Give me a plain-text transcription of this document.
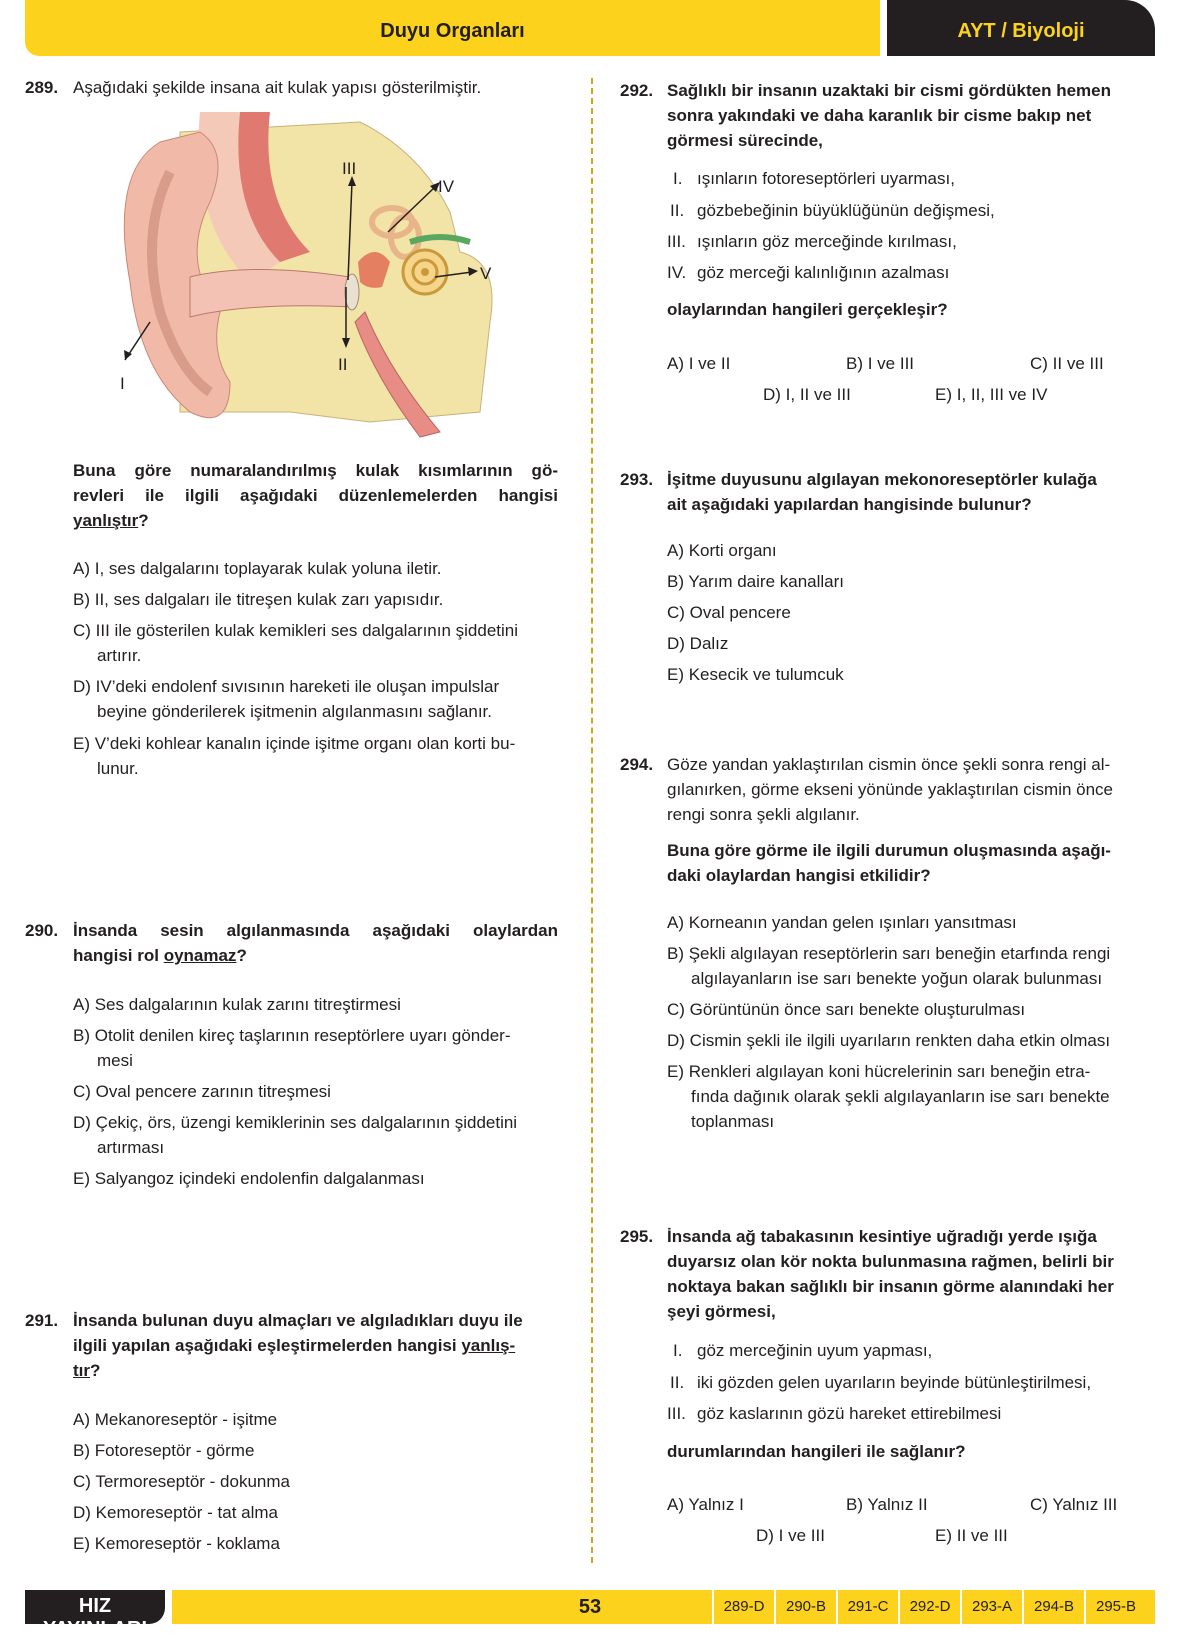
Duyu Organları	AYT / Biyoloji
289. Aşağıdaki şekilde insana ait kulak yapısı gösterilmiştir.
I
II
III
IV
V
Buna göre numaralandırılmış kulak kısımlarının gö-
revleri ile ilgili aşağıdaki düzenlemelerden hangisi
yanlıştır?
A) I, ses dalgalarını toplayarak kulak yoluna iletir.
B) II, ses dalgaları ile titreşen kulak zarı yapısıdır.
C) III ile gösterilen kulak kemikleri ses dalgalarının şiddetini
artırır.
D) IV’deki endolenf sıvısının hareketi ile oluşan impulslar
beyine gönderilerek işitmenin algılanmasını sağlanır.
E) V’deki kohlear kanalın içinde işitme organı olan korti bu-
lunur.
290. İnsanda sesin algılanmasında aşağıdaki olaylardan
hangisi rol oynamaz?
A) Ses dalgalarının kulak zarını titreştirmesi
B) Otolit denilen kireç taşlarının reseptörlere uyarı gönder-
mesi
C) Oval pencere zarının titreşmesi
D) Çekiç, örs, üzengi kemiklerinin ses dalgalarının şiddetini
artırması
E) Salyangoz içindeki endolenfin dalgalanması
291. İnsanda bulunan duyu almaçları ve algıladıkları duyu ile
ilgili yapılan aşağıdaki eşleştirmelerden hangisi yanlış-
tır?
A) Mekanoreseptör - işitme
B) Fotoreseptör - görme
C) Termoreseptör - dokunma
D) Kemoreseptör - tat alma
E) Kemoreseptör - koklama
292. Sağlıklı bir insanın uzaktaki bir cismi gördükten hemen
sonra yakındaki ve daha karanlık bir cisme bakıp net
görmesi sürecinde,
I. ışınların fotoreseptörleri uyarması,
II. gözbebeğinin büyüklüğünün değişmesi,
III. ışınların göz merceğinde kırılması,
IV. göz merceği kalınlığının azalması
olaylarından hangileri gerçekleşir?
A) I ve II	B) I ve III	C) II ve III
D) I, II ve III	E) I, II, III ve IV
293. İşitme duyusunu algılayan mekonoreseptörler kulağa
ait aşağıdaki yapılardan hangisinde bulunur?
A) Korti organı
B) Yarım daire kanalları
C) Oval pencere
D) Dalız
E) Kesecik ve tulumcuk
294. Göze yandan yaklaştırılan cismin önce şekli sonra rengi al-
gılanırken, görme ekseni yönünde yaklaştırılan cismin önce
rengi sonra şekli algılanır.
Buna göre görme ile ilgili durumun oluşmasında aşağı-
daki olaylardan hangisi etkilidir?
A) Korneanın yandan gelen ışınları yansıtması
B) Şekli algılayan reseptörlerin sarı beneğin etarfında rengi
algılayanların ise sarı benekte yoğun olarak bulunması
C) Görüntünün önce sarı benekte oluşturulması
D) Cismin şekli ile ilgili uyarıların renkten daha etkin olması
E) Renkleri algılayan koni hücrelerinin sarı beneğin etra-
fında dağınık olarak şekli algılayanların ise sarı benekte
toplanması
295. İnsanda ağ tabakasının kesintiye uğradığı yerde ışığa
duyarsız olan kör nokta bulunmasına rağmen, belirli bir
noktaya bakan sağlıklı bir insanın görme alanındaki her
şeyi görmesi,
I. göz merceğinin uyum yapması,
II. iki gözden gelen uyarıların beyinde bütünleştirilmesi,
III. göz kaslarının gözü hareket ettirebilmesi
durumlarından hangileri ile sağlanır?
A) Yalnız I	B) Yalnız II	C) Yalnız III
D) I ve III	E) II ve III
HIZ YAYINLARI
53	289-D	290-B	291-C	292-D	293-A	294-B	295-B
